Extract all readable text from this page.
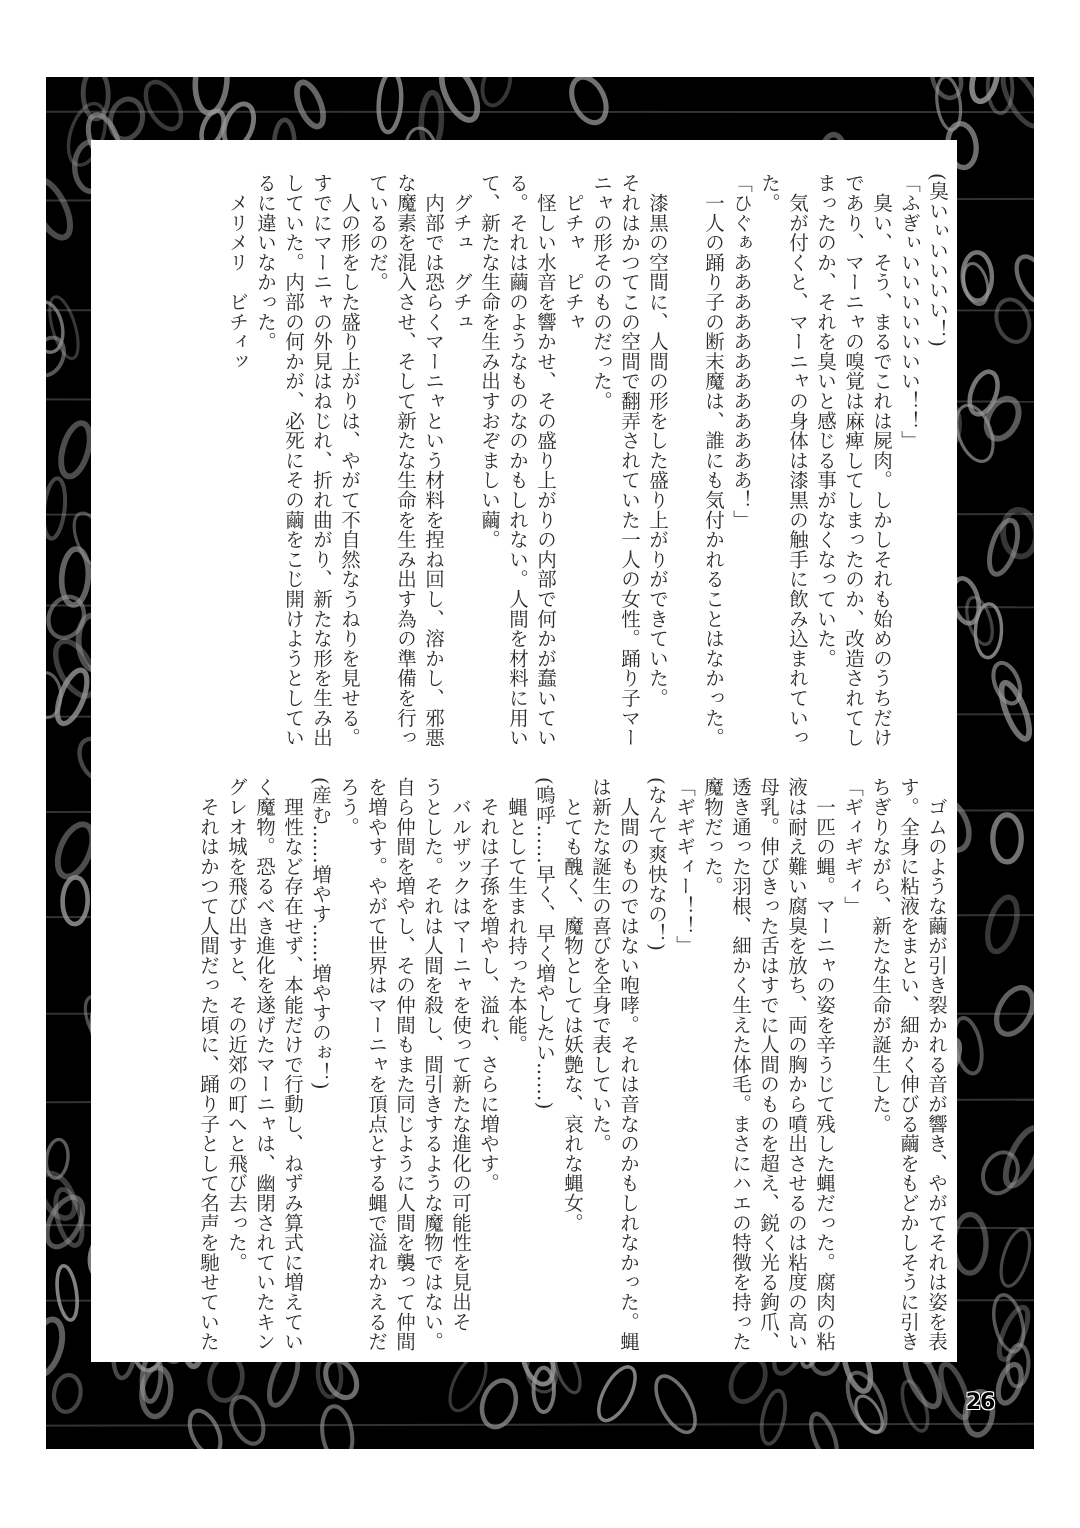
(臭いぃいいいい！)
「ふぎぃいいいいいいい！！」
　臭い、そう、まるでこれは屍肉。しかしそれも始めのうちだけ
であり、マーニャの嗅覚は麻痺してしまったのか、改造されてし
まったのか、それを臭いと感じる事がなくなっていた。
　気が付くと、マーニャの身体は漆黒の触手に飲み込まれていっ
た。
「ひぐぁああああああああああああ！」
　一人の踊り子の断末魔は、誰にも気付かれることはなかった。
　漆黒の空間に、人間の形をした盛り上がりができていた。
それはかつてこの空間で翻弄されていた一人の女性。踊り子マー
ニャの形そのものだった。
　ピチャ　ピチャ
　怪しい水音を響かせ、その盛り上がりの内部で何かが蠢いてい
る。それは繭のようなものなのかもしれない。人間を材料に用い
て、新たな生命を生み出すおぞましい繭。
　グチュ　グチュ
　内部では恐らくマーニャという材料を捏ね回し、溶かし、邪悪
な魔素を混入させ、そして新たな生命を生み出す為の準備を行っ
ているのだ。
　人の形をした盛り上がりは、やがて不自然なうねりを見せる。
すでにマーニャの外見はねじれ、折れ曲がり、新たな形を生み出
していた。内部の何かが、必死にその繭をこじ開けようとしてい
るに違いなかった。
　メリメリ　ビチィッ
　ゴムのような繭が引き裂かれる音が響き、やがてそれは姿を表
す。全身に粘液をまとい、細かく伸びる繭をもどかしそうに引き
ちぎりながら、新たな生命が誕生した。
「ギィギギィ」
　一匹の蝿。マーニャの姿を辛うじて残した蝿だった。腐肉の粘
液は耐え難い腐臭を放ち、両の胸から噴出させるのは粘度の高い
母乳。伸びきった舌はすでに人間のものを超え、鋭く光る鉤爪、
透き通った羽根、細かく生えた体毛。まさにハエの特徴を持った
魔物だった。
「ギギギィー！！」
(なんて爽快なの！)
　人間のものではない咆哮。それは音なのかもしれなかった。蝿
は新たな誕生の喜びを全身で表していた。
　とても醜く、魔物としては妖艶な、哀れな蝿女。
(嗚呼……早く、早く増やしたい……)
　蝿として生まれ持った本能。
　それは子孫を増やし、溢れ、さらに増やす。
　バルザックはマーニャを使って新たな進化の可能性を見出そ
うとした。それは人間を殺し、間引きするような魔物ではない。
自ら仲間を増やし、その仲間もまた同じように人間を襲って仲間
を増やす。やがて世界はマーニャを頂点とする蝿で溢れかえるだ
ろう。
(産む……増やす……増やすのぉ！)
　理性など存在せず、本能だけで行動し、ねずみ算式に増えてい
く魔物。恐るべき進化を遂げたマーニャは、幽閉されていたキン
グレオ城を飛び出すと、その近郊の町へと飛び去った。
　それはかつて人間だった頃に、踊り子として名声を馳せていた
26
